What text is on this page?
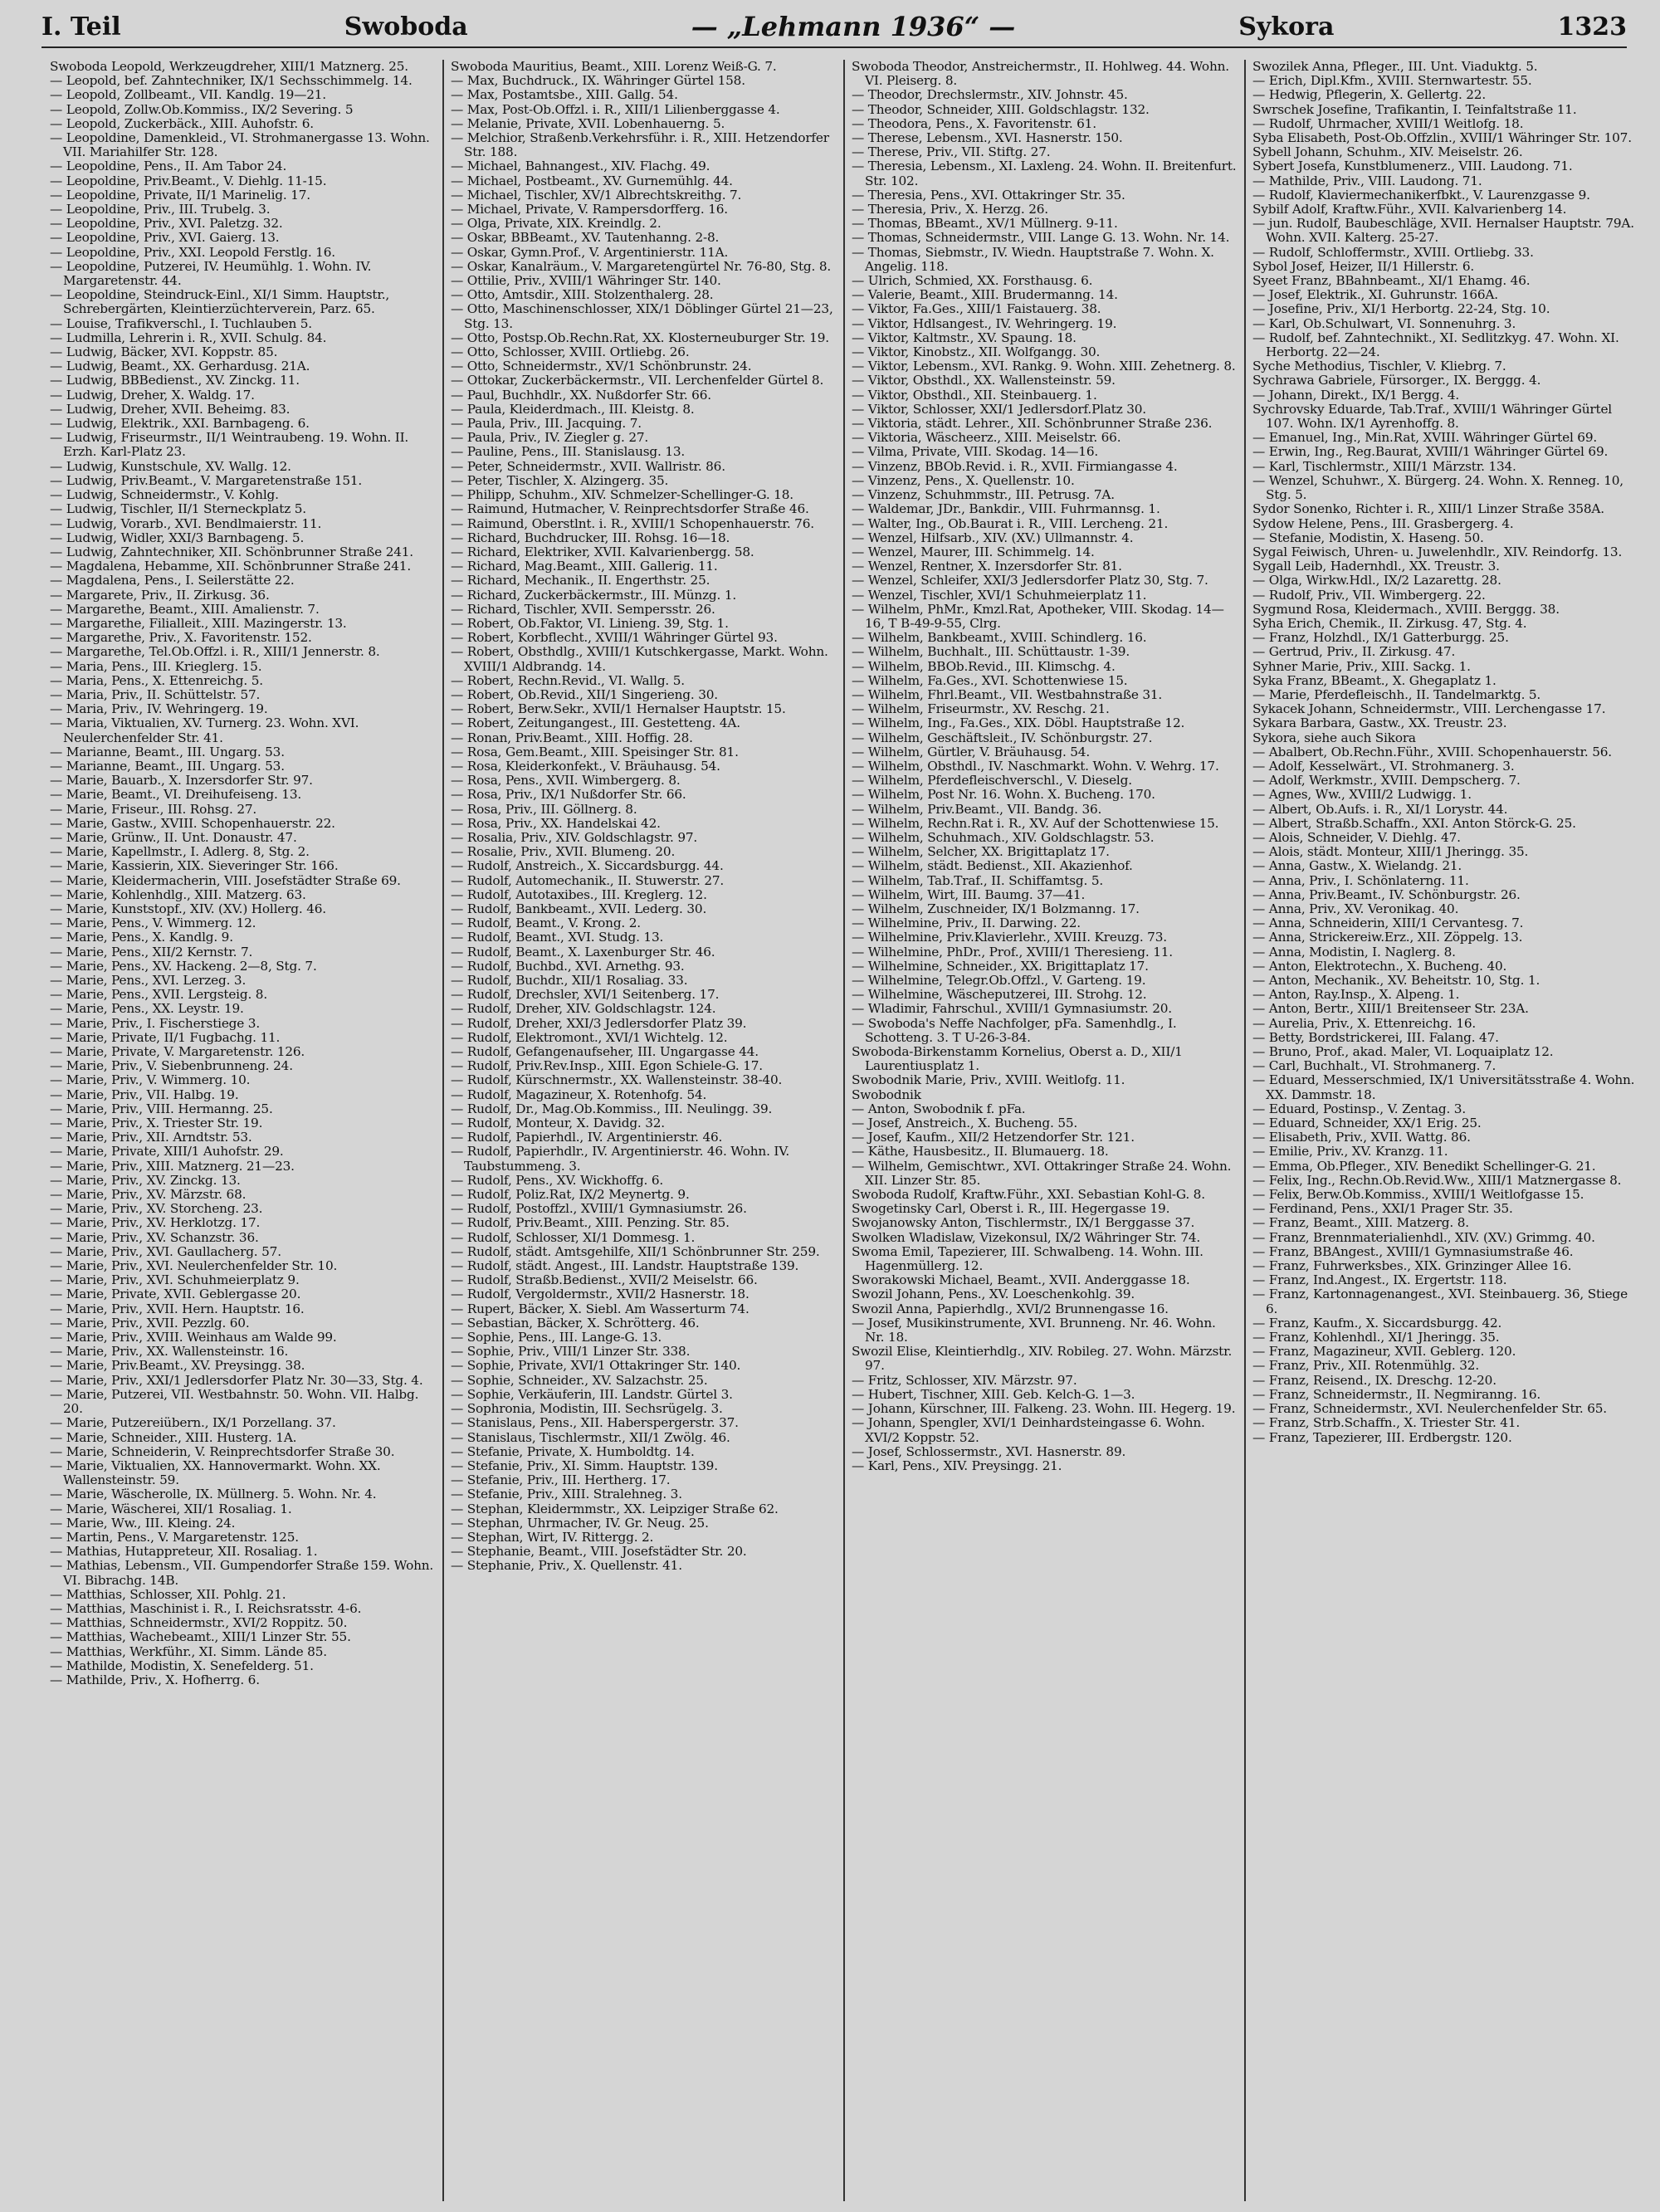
I. Teil	Swoboda	— „Lehmann 1936“ —	Sykora	1323

Swoboda Leopold, Werkzeugdreher, XIII/1 Matznerg. 25.

— Leopold, bef. Zahntechniker, IX/1 Sechsschimmelg. 14.

— Leopold, Zollbeamt., VII. Kandlg. 19—21.

— Leopold, Zollw.Ob.Kommiss., IX/2 Severing. 5

— Leopold, Zuckerbäck., XIII. Auhofstr. 6.

— Leopoldine, Damenkleid., VI. Strohmanergasse 13. Wohn. VII. Mariahilfer Str. 128.

— Leopoldine, Pens., II. Am Tabor 24.

— Leopoldine, Priv.Beamt., V. Diehlg. 11-15.

— Leopoldine, Private, II/1 Marinelig. 17.

— Leopoldine, Priv., III. Trubelg. 3.

— Leopoldine, Priv., XVI. Paletzg. 32.

— Leopoldine, Priv., XVI. Gaierg. 13.

— Leopoldine, Priv., XXI. Leopold Ferstlg. 16.

— Leopoldine, Putzerei, IV. Heumühlg. 1. Wohn. IV. Margaretenstr. 44.

— Leopoldine, Steindruck-Einl., XI/1 Simm. Hauptstr., Schrebergärten, Kleintierzüchterverein, Parz. 65.

— Louise, Trafikverschl., I. Tuchlauben 5.

— Ludmilla, Lehrerin i. R., XVII. Schulg. 84.

— Ludwig, Bäcker, XVI. Koppstr. 85.

— Ludwig, Beamt., XX. Gerhardusg. 21A.

— Ludwig, BBBedienst., XV. Zinckg. 11.

— Ludwig, Dreher, X. Waldg. 17.

— Ludwig, Dreher, XVII. Beheimg. 83.

— Ludwig, Elektrik., XXI. Barnbageng. 6.

— Ludwig, Friseurmstr., II/1 Weintraubeng. 19. Wohn. II. Erzh. Karl-Platz 23.

— Ludwig, Kunstschule, XV. Wallg. 12.

— Ludwig, Priv.Beamt., V. Margaretenstraße 151.

— Ludwig, Schneidermstr., V. Kohlg.

— Ludwig, Tischler, II/1 Sterneckplatz 5.

— Ludwig, Vorarb., XVI. Bendlmaierstr. 11.

— Ludwig, Widler, XXI/3 Barnbageng. 5.

— Ludwig, Zahntechniker, XII. Schönbrunner Straße 241.

— Magdalena, Hebamme, XII. Schönbrunner Straße 241.

— Magdalena, Pens., I. Seilerstätte 22.

— Margarete, Priv., II. Zirkusg. 36.

— Margarethe, Beamt., XIII. Amalienstr. 7.

— Margarethe, Filialleit., XIII. Mazingerstr. 13.

— Margarethe, Priv., X. Favoritenstr. 152.

— Margarethe, Tel.Ob.Offzl. i. R., XIII/1 Jennerstr. 8.

— Maria, Pens., III. Krieglerg. 15.

— Maria, Pens., X. Ettenreichg. 5.

— Maria, Priv., II. Schüttelstr. 57.

— Maria, Priv., IV. Wehringerg. 19.

— Maria, Viktualien, XV. Turnerg. 23. Wohn. XVI. Neulerchenfelder Str. 41.

— Marianne, Beamt., III. Ungarg. 53.

— Marianne, Beamt., III. Ungarg. 53.

— Marie, Bauarb., X. Inzersdorfer Str. 97.

— Marie, Beamt., VI. Dreihufeiseng. 13.

— Marie, Friseur., III. Rohsg. 27.

— Marie, Gastw., XVIII. Schopenhauerstr. 22.

— Marie, Grünw., II. Unt. Donaustr. 47.

— Marie, Kapellmstr., I. Adlerg. 8, Stg. 2.

— Marie, Kassierin, XIX. Sieveringer Str. 166.

— Marie, Kleidermacherin, VIII. Josefstädter Straße 69.

— Marie, Kohlenhdlg., XIII. Matzerg. 63.

— Marie, Kunststopf., XIV. (XV.) Hollerg. 46.

— Marie, Pens., V. Wimmerg. 12.

— Marie, Pens., X. Kandlg. 9.

— Marie, Pens., XII/2 Kernstr. 7.

— Marie, Pens., XV. Hackeng. 2—8, Stg. 7.

— Marie, Pens., XVI. Lerzeg. 3.

— Marie, Pens., XVII. Lergsteig. 8.

— Marie, Pens., XX. Leystr. 19.

— Marie, Priv., I. Fischerstiege 3.

— Marie, Private, II/1 Fugbachg. 11.

— Marie, Private, V. Margaretenstr. 126.

— Marie, Priv., V. Siebenbrunneng. 24.

— Marie, Priv., V. Wimmerg. 10.

— Marie, Priv., VII. Halbg. 19.

— Marie, Priv., VIII. Hermanng. 25.

— Marie, Priv., X. Triester Str. 19.

— Marie, Priv., XII. Arndtstr. 53.

— Marie, Private, XIII/1 Auhofstr. 29.

— Marie, Priv., XIII. Matznerg. 21—23.

— Marie, Priv., XV. Zinckg. 13.

— Marie, Priv., XV. Märzstr. 68.

— Marie, Priv., XV. Storcheng. 23.

— Marie, Priv., XV. Herklotzg. 17.

— Marie, Priv., XV. Schanzstr. 36.

— Marie, Priv., XVI. Gaullacherg. 57.

— Marie, Priv., XVI. Neulerchenfelder Str. 10.

— Marie, Priv., XVI. Schuhmeierplatz 9.

— Marie, Private, XVII. Geblergasse 20.

— Marie, Priv., XVII. Hern. Hauptstr. 16.

— Marie, Priv., XVII. Pezzlg. 60.

— Marie, Priv., XVIII. Weinhaus am Walde 99.

— Marie, Priv., XX. Wallensteinstr. 16.

— Marie, Priv.Beamt., XV. Preysingg. 38.

— Marie, Priv., XXI/1 Jedlersdorfer Platz Nr. 30—33, Stg. 4.

— Marie, Putzerei, VII. Westbahnstr. 50. Wohn. VII. Halbg. 20.

— Marie, Putzereiübern., IX/1 Porzellang. 37.

— Marie, Schneider., XIII. Husterg. 1A.

— Marie, Schneiderin, V. Reinprechtsdorfer Straße 30.

— Marie, Viktualien, XX. Hannovermarkt. Wohn. XX. Wallensteinstr. 59.

— Marie, Wäscherolle, IX. Müllnerg. 5. Wohn. Nr. 4.

— Marie, Wäscherei, XII/1 Rosaliag. 1.

— Marie, Ww., III. Kleing. 24.

— Martin, Pens., V. Margaretenstr. 125.

— Mathias, Hutappreteur, XII. Rosaliag. 1.

— Mathias, Lebensm., VII. Gumpendorfer Straße 159. Wohn. VI. Bibrachg. 14B.

— Matthias, Schlosser, XII. Pohlg. 21.

— Matthias, Maschinist i. R., I. Reichsratsstr. 4-6.

— Matthias, Schneidermstr., XVI/2 Roppitz. 50.

— Matthias, Wachebeamt., XIII/1 Linzer Str. 55.

— Matthias, Werkführ., XI. Simm. Lände 85.

— Mathilde, Modistin, X. Senefelderg. 51.

— Mathilde, Priv., X. Hofherrg. 6.

Swoboda Mauritius, Beamt., XIII. Lorenz Weiß-G. 7.

— Max, Buchdruck., IX. Währinger Gürtel 158.

— Max, Postamtsbe., XIII. Gallg. 54.

— Max, Post-Ob.Offzl. i. R., XIII/1 Lilienberggasse 4.

— Melanie, Private, XVII. Lobenhauerng. 5.

— Melchior, Straßenb.Verkehrsführ. i. R., XIII. Hetzendorfer Str. 188.

— Michael, Bahnangest., XIV. Flachg. 49.

— Michael, Postbeamt., XV. Gurnemühlg. 44.

— Michael, Tischler, XV/1 Albrechtskreithg. 7.

— Michael, Private, V. Rampersdorfferg. 16.

— Olga, Private, XIX. Kreindlg. 2.

— Oskar, BBBeamt., XV. Tautenhanng. 2-8.

— Oskar, Gymn.Prof., V. Argentinierstr. 11A.

— Oskar, Kanalräum., V. Margaretengürtel Nr. 76-80, Stg. 8.

— Ottilie, Priv., XVIII/1 Währinger Str. 140.

— Otto, Amtsdir., XIII. Stolzenthalerg. 28.

— Otto, Maschinenschlosser, XIX/1 Döblinger Gürtel 21—23, Stg. 13.

— Otto, Postsp.Ob.Rechn.Rat, XX. Klosterneuburger Str. 19.

— Otto, Schlosser, XVIII. Ortliebg. 26.

— Otto, Schneidermstr., XV/1 Schönbrunstr. 24.

— Ottokar, Zuckerbäckermstr., VII. Lerchenfelder Gürtel 8.

— Paul, Buchhdlr., XX. Nußdorfer Str. 66.

— Paula, Kleiderdmach., III. Kleistg. 8.

— Paula, Priv., III. Jacquing. 7.

— Paula, Priv., IV. Ziegler g. 27.

— Pauline, Pens., III. Stanislausg. 13.

— Peter, Schneidermstr., XVII. Wallristr. 86.

— Peter, Tischler, X. Alzingerg. 35.

— Philipp, Schuhm., XIV. Schmelzer-Schellinger-G. 18.

— Raimund, Hutmacher, V. Reinprechtsdorfer Straße 46.

— Raimund, Oberstlnt. i. R., XVIII/1 Schopenhauerstr. 76.

— Richard, Buchdrucker, III. Rohsg. 16—18.

— Richard, Elektriker, XVII. Kalvarienbergg. 58.

— Richard, Mag.Beamt., XIII. Gallerig. 11.

— Richard, Mechanik., II. Engerthstr. 25.

— Richard, Zuckerbäckermstr., III. Münzg. 1.

— Richard, Tischler, XVII. Sempersstr. 26.

— Robert, Ob.Faktor, VI. Linieng. 39, Stg. 1.

— Robert, Korbflecht., XVIII/1 Währinger Gürtel 93.

— Robert, Obsthdlg., XVIII/1 Kutschkergasse, Markt. Wohn. XVIII/1 Aldbrandg. 14.

— Robert, Rechn.Revid., VI. Wallg. 5.

— Robert, Ob.Revid., XII/1 Singerieng. 30.

— Robert, Berw.Sekr., XVII/1 Hernalser Hauptstr. 15.

— Robert, Zeitungangest., III. Gestetteng. 4A.

— Ronan, Priv.Beamt., XIII. Hoffig. 28.

— Rosa, Gem.Beamt., XIII. Speisinger Str. 81.

— Rosa, Kleiderkonfekt., V. Bräuhausg. 54.

— Rosa, Pens., XVII. Wimbergerg. 8.

— Rosa, Priv., IX/1 Nußdorfer Str. 66.

— Rosa, Priv., III. Göllnerg. 8.

— Rosa, Priv., XX. Handelskai 42.

— Rosalia, Priv., XIV. Goldschlagstr. 97.

— Rosalie, Priv., XVII. Blumeng. 20.

— Rudolf, Anstreich., X. Siccardsburgg. 44.

— Rudolf, Automechanik., II. Stuwerstr. 27.

— Rudolf, Autotaxibes., III. Kreglerg. 12.

— Rudolf, Bankbeamt., XVII. Lederg. 30.

— Rudolf, Beamt., V. Krong. 2.

— Rudolf, Beamt., XVI. Studg. 13.

— Rudolf, Beamt., X. Laxenburger Str. 46.

— Rudolf, Buchbd., XVI. Arnethg. 93.

— Rudolf, Buchdr., XII/1 Rosaliag. 33.

— Rudolf, Drechsler, XVI/1 Seitenberg. 17.

— Rudolf, Dreher, XIV. Goldschlagstr. 124.

— Rudolf, Dreher, XXI/3 Jedlersdorfer Platz 39.

— Rudolf, Elektromont., XVI/1 Wichtelg. 12.

— Rudolf, Gefangenaufseher, III. Ungargasse 44.

— Rudolf, Priv.Rev.Insp., XIII. Egon Schiele-G. 17.

— Rudolf, Kürschnermstr., XX. Wallensteinstr. 38-40.

— Rudolf, Magazineur, X. Rotenhofg. 54.

— Rudolf, Dr., Mag.Ob.Kommiss., III. Neulingg. 39.

— Rudolf, Monteur, X. Davidg. 32.

— Rudolf, Papierhdl., IV. Argentinierstr. 46.

— Rudolf, Papierhdlr., IV. Argentinierstr. 46. Wohn. IV. Taubstummeng. 3.

— Rudolf, Pens., XV. Wickhoffg. 6.

— Rudolf, Poliz.Rat, IX/2 Meynertg. 9.

— Rudolf, Postoffzl., XVIII/1 Gymnasiumstr. 26.

— Rudolf, Priv.Beamt., XIII. Penzing. Str. 85.

— Rudolf, Schlosser, XI/1 Dommesg. 1.

— Rudolf, städt. Amtsgehilfe, XII/1 Schönbrunner Str. 259.

— Rudolf, städt. Angest., III. Landstr. Hauptstraße 139.

— Rudolf, Straßb.Bedienst., XVII/2 Meiselstr. 66.

— Rudolf, Vergoldermstr., XVII/2 Hasnerstr. 18.

— Rupert, Bäcker, X. Siebl. Am Wasserturm 74.

— Sebastian, Bäcker, X. Schrötterg. 46.

— Sophie, Pens., III. Lange-G. 13.

— Sophie, Priv., VIII/1 Linzer Str. 338.

— Sophie, Private, XVI/1 Ottakringer Str. 140.

— Sophie, Schneider., XV. Salzachstr. 25.

— Sophie, Verkäuferin, III. Landstr. Gürtel 3.

— Sophronia, Modistin, III. Sechsrügelg. 3.

— Stanislaus, Pens., XII. Haberspergerstr. 37.

— Stanislaus, Tischlermstr., XII/1 Zwölg. 46.

— Stefanie, Private, X. Humboldtg. 14.

— Stefanie, Priv., XI. Simm. Hauptstr. 139.

— Stefanie, Priv., III. Hertherg. 17.

— Stefanie, Priv., XIII. Stralehneg. 3.

— Stephan, Kleidermmstr., XX. Leipziger Straße 62.

— Stephan, Uhrmacher, IV. Gr. Neug. 25.

— Stephan, Wirt, IV. Rittergg. 2.

— Stephanie, Beamt., VIII. Josefstädter Str. 20.

— Stephanie, Priv., X. Quellenstr. 41.

Swoboda Theodor, Anstreichermstr., II. Hohlweg. 44. Wohn. VI. Pleiserg. 8.

— Theodor, Drechslermstr., XIV. Johnstr. 45.

— Theodor, Schneider, XIII. Goldschlagstr. 132.

— Theodora, Pens., X. Favoritenstr. 61.

— Therese, Lebensm., XVI. Hasnerstr. 150.

— Therese, Priv., VII. Stiftg. 27.

— Theresia, Lebensm., XI. Laxleng. 24. Wohn. II. Breitenfurt. Str. 102.

— Theresia, Pens., XVI. Ottakringer Str. 35.

— Theresia, Priv., X. Herzg. 26.

— Thomas, BBeamt., XV/1 Müllnerg. 9-11.

— Thomas, Schneidermstr., VIII. Lange G. 13. Wohn. Nr. 14.

— Thomas, Siebmstr., IV. Wiedn. Hauptstraße 7. Wohn. X. Angelig. 118.

— Ulrich, Schmied, XX. Forsthausg. 6.

— Valerie, Beamt., XIII. Brudermanng. 14.

— Viktor, Fa.Ges., XIII/1 Faistauerg. 38.

— Viktor, Hdlsangest., IV. Wehringerg. 19.

— Viktor, Kaltmstr., XV. Spaung. 18.

— Viktor, Kinobstz., XII. Wolfgangg. 30.

— Viktor, Lebensm., XVI. Rankg. 9. Wohn. XIII. Zehetnerg. 8.

— Viktor, Obsthdl., XX. Wallensteinstr. 59.

— Viktor, Obsthdl., XII. Steinbauerg. 1.

— Viktor, Schlosser, XXI/1 Jedlersdorf.Platz 30.

— Viktoria, städt. Lehrer., XII. Schönbrunner Straße 236.

— Viktoria, Wäscheerz., XIII. Meiselstr. 66.

— Vilma, Private, VIII. Skodag. 14—16.

— Vinzenz, BBOb.Revid. i. R., XVII. Firmiangasse 4.

— Vinzenz, Pens., X. Quellenstr. 10.

— Vinzenz, Schuhmmstr., III. Petrusg. 7A.

— Waldemar, JDr., Bankdir., VIII. Fuhrmannsg. 1.

— Walter, Ing., Ob.Baurat i. R., VIII. Lercheng. 21.

— Wenzel, Hilfsarb., XIV. (XV.) Ullmannstr. 4.

— Wenzel, Maurer, III. Schimmelg. 14.

— Wenzel, Rentner, X. Inzersdorfer Str. 81.

— Wenzel, Schleifer, XXI/3 Jedlersdorfer Platz 30, Stg. 7.

— Wenzel, Tischler, XVI/1 Schuhmeierplatz 11.

— Wilhelm, PhMr., Kmzl.Rat, Apotheker, VIII. Skodag. 14—16, T B-49-9-55, Clrg.

— Wilhelm, Bankbeamt., XVIII. Schindlerg. 16.

— Wilhelm, Buchhalt., III. Schüttaustr. 1-39.

— Wilhelm, BBOb.Revid., III. Klimschg. 4.

— Wilhelm, Fa.Ges., XVI. Schottenwiese 15.

— Wilhelm, Fhrl.Beamt., VII. Westbahnstraße 31.

— Wilhelm, Friseurmstr., XV. Reschg. 21.

— Wilhelm, Ing., Fa.Ges., XIX. Döbl. Hauptstraße 12.

— Wilhelm, Geschäftsleit., IV. Schönburgstr. 27.

— Wilhelm, Gürtler, V. Bräuhausg. 54.

— Wilhelm, Obsthdl., IV. Naschmarkt. Wohn. V. Wehrg. 17.

— Wilhelm, Pferdefleischverschl., V. Dieselg.

— Wilhelm, Post Nr. 16. Wohn. X. Bucheng. 170.

— Wilhelm, Priv.Beamt., VII. Bandg. 36.

— Wilhelm, Rechn.Rat i. R., XV. Auf der Schottenwiese 15.

— Wilhelm, Schuhmach., XIV. Goldschlagstr. 53.

— Wilhelm, Selcher, XX. Brigittaplatz 17.

— Wilhelm, städt. Bedienst., XII. Akazienhof.

— Wilhelm, Tab.Traf., II. Schiffamtsg. 5.

— Wilhelm, Wirt, III. Baumg. 37—41.

— Wilhelm, Zuschneider, IX/1 Bolzmanng. 17.

— Wilhelmine, Priv., II. Darwing. 22.

— Wilhelmine, Priv.Klavierlehr., XVIII. Kreuzg. 73.

— Wilhelmine, PhDr., Prof., XVIII/1 Theresieng. 11.

— Wilhelmine, Schneider., XX. Brigittaplatz 17.

— Wilhelmine, Telegr.Ob.Offzl., V. Garteng. 19.

— Wilhelmine, Wäscheputzerei, III. Strohg. 12.

— Wladimir, Fahrschul., XVIII/1 Gymnasiumstr. 20.

— Swoboda's Neffe Nachfolger, pFa. Samenhdlg., I. Schotteng. 3. T U-26-3-84.

Swoboda-Birkenstamm Kornelius, Oberst a. D., XII/1 Laurentiusplatz 1.

Swobodnik Marie, Priv., XVIII. Weitlofg. 11.

Swobodnik

— Anton, Swobodnik f. pFa.

— Josef, Anstreich., X. Bucheng. 55.

— Josef, Kaufm., XII/2 Hetzendorfer Str. 121.

— Käthe, Hausbesitz., II. Blumauerg. 18.

— Wilhelm, Gemischtwr., XVI. Ottakringer Straße 24. Wohn. XII. Linzer Str. 85.

Swoboda Rudolf, Kraftw.Führ., XXI. Sebastian Kohl-G. 8.

Swogetinsky Carl, Oberst i. R., III. Hegergasse 19.

Swojanowsky Anton, Tischlermstr., IX/1 Berggasse 37.

Swolken Wladislaw, Vizekonsul, IX/2 Währinger Str. 74.

Swoma Emil, Tapezierer, III. Schwalbeng. 14. Wohn. III. Hagenmüllerg. 12.

Sworakowski Michael, Beamt., XVII. Anderggasse 18.

Swozil Johann, Pens., XV. Loeschenkohlg. 39.

Swozil Anna, Papierhdlg., XVI/2 Brunnengasse 16.

— Josef, Musikinstrumente, XVI. Brunneng. Nr. 46. Wohn. Nr. 18.

Swozil Elise, Kleintierhdlg., XIV. Robileg. 27. Wohn. Märzstr. 97.

— Fritz, Schlosser, XIV. Märzstr. 97.

— Hubert, Tischner, XIII. Geb. Kelch-G. 1—3.

— Johann, Kürschner, III. Falkeng. 23. Wohn. III. Hegerg. 19.

— Johann, Spengler, XVI/1 Deinhardsteingasse 6. Wohn. XVI/2 Koppstr. 52.

— Josef, Schlossermstr., XVI. Hasnerstr. 89.

— Karl, Pens., XIV. Preysingg. 21.

Swozilek Anna, Pfleger., III. Unt. Viaduktg. 5.

— Erich, Dipl.Kfm., XVIII. Sternwartestr. 55.

— Hedwig, Pflegerin, X. Gellertg. 22.

Swrschek Josefine, Trafikantin, I. Teinfaltstraße 11.

— Rudolf, Uhrmacher, XVIII/1 Weitlofg. 18.

Syba Elisabeth, Post-Ob.Offzlin., XVIII/1 Währinger Str. 107.

Sybell Johann, Schuhm., XIV. Meiselstr. 26.

Sybert Josefa, Kunstblumenerz., VIII. Laudong. 71.

— Mathilde, Priv., VIII. Laudong. 71.

— Rudolf, Klaviermechanikerfbkt., V. Laurenzgasse 9.

Sybilf Adolf, Kraftw.Führ., XVII. Kalvarienberg 14.

— jun. Rudolf, Baubeschläge, XVII. Hernalser Hauptstr. 79A. Wohn. XVII. Kalterg. 25-27.

— Rudolf, Schloffermstr., XVIII. Ortliebg. 33.

Sybol Josef, Heizer, II/1 Hillerstr. 6.

Syeet Franz, BBahnbeamt., XI/1 Ehamg. 46.

— Josef, Elektrik., XI. Guhrunstr. 166A.

— Josefine, Priv., XI/1 Herbortg. 22-24, Stg. 10.

— Karl, Ob.Schulwart, VI. Sonnenuhrg. 3.

— Rudolf, bef. Zahntechnikt., XI. Sedlitzkyg. 47. Wohn. XI. Herbortg. 22—24.

Syche Methodius, Tischler, V. Kliebrg. 7.

Sychrawa Gabriele, Fürsorger., IX. Berggg. 4.

— Johann, Direkt., IX/1 Bergg. 4.

Sychrovsky Eduarde, Tab.Traf., XVIII/1 Währinger Gürtel 107. Wohn. IX/1 Ayrenhoffg. 8.

— Emanuel, Ing., Min.Rat, XVIII. Währinger Gürtel 69.

— Erwin, Ing., Reg.Baurat, XVIII/1 Währinger Gürtel 69.

— Karl, Tischlermstr., XIII/1 Märzstr. 134.

— Wenzel, Schuhwr., X. Bürgerg. 24. Wohn. X. Renneg. 10, Stg. 5.

Sydor Sonenko, Richter i. R., XIII/1 Linzer Straße 358A.

Sydow Helene, Pens., III. Grasbergerg. 4.

— Stefanie, Modistin, X. Haseng. 50.

Sygal Feiwisch, Uhren- u. Juwelenhdlr., XIV. Reindorfg. 13.

Sygall Leib, Hadernhdl., XX. Treustr. 3.

— Olga, Wirkw.Hdl., IX/2 Lazarettg. 28.

— Rudolf, Priv., VII. Wimbergerg. 22.

Sygmund Rosa, Kleidermach., XVIII. Berggg. 38.

Syha Erich, Chemik., II. Zirkusg. 47, Stg. 4.

— Franz, Holzhdl., IX/1 Gatterburgg. 25.

— Gertrud, Priv., II. Zirkusg. 47.

Syhner Marie, Priv., XIII. Sackg. 1.

Syka Franz, BBeamt., X. Ghegaplatz 1.

— Marie, Pferdefleischh., II. Tandelmarktg. 5.

Sykacek Johann, Schneidermstr., VIII. Lerchengasse 17.

Sykara Barbara, Gastw., XX. Treustr. 23.

Sykora, siehe auch Sikora

— Abalbert, Ob.Rechn.Führ., XVIII. Schopenhauerstr. 56.

— Adolf, Kesselwärt., VI. Strohmanerg. 3.

— Adolf, Werkmstr., XVIII. Dempscherg. 7.

— Agnes, Ww., XVIII/2 Ludwigg. 1.

— Albert, Ob.Aufs. i. R., XI/1 Lorystr. 44.

— Albert, Straßb.Schaffn., XXI. Anton Störck-G. 25.

— Alois, Schneider, V. Diehlg. 47.

— Alois, städt. Monteur, XIII/1 Jheringg. 35.

— Anna, Gastw., X. Wielandg. 21.

— Anna, Priv., I. Schönlaterng. 11.

— Anna, Priv.Beamt., IV. Schönburgstr. 26.

— Anna, Priv., XV. Veronikag. 40.

— Anna, Schneiderin, XIII/1 Cervantesg. 7.

— Anna, Strickereiw.Erz., XII. Zöppelg. 13.

— Anna, Modistin, I. Naglerg. 8.

— Anton, Elektrotechn., X. Bucheng. 40.

— Anton, Mechanik., XV. Beheitstr. 10, Stg. 1.

— Anton, Ray.Insp., X. Alpeng. 1.

— Anton, Bertr., XIII/1 Breitenseer Str. 23A.

— Aurelia, Priv., X. Ettenreichg. 16.

— Betty, Bordstrickerei, III. Falang. 47.

— Bruno, Prof., akad. Maler, VI. Loquaiplatz 12.

— Carl, Buchhalt., VI. Strohmanerg. 7.

— Eduard, Messerschmied, IX/1 Universitätsstraße 4. Wohn. XX. Dammstr. 18.

— Eduard, Postinsp., V. Zentag. 3.

— Eduard, Schneider, XX/1 Erig. 25.

— Elisabeth, Priv., XVII. Wattg. 86.

— Emilie, Priv., XV. Kranzg. 11.

— Emma, Ob.Pfleger., XIV. Benedikt Schellinger-G. 21.

— Felix, Ing., Rechn.Ob.Revid.Ww., XIII/1 Matznergasse 8.

— Felix, Berw.Ob.Kommiss., XVIII/1 Weitlofgasse 15.

— Ferdinand, Pens., XXI/1 Prager Str. 35.

— Franz, Beamt., XIII. Matzerg. 8.

— Franz, Brennmaterialienhdl., XIV. (XV.) Grimmg. 40.

— Franz, BBAngest., XVIII/1 Gymnasiumstraße 46.

— Franz, Fuhrwerksbes., XIX. Grinzinger Allee 16.

— Franz, Ind.Angest., IX. Ergertstr. 118.

— Franz, Kartonnagenangest., XVI. Steinbauerg. 36, Stiege 6.

— Franz, Kaufm., X. Siccardsburgg. 42.

— Franz, Kohlenhdl., XI/1 Jheringg. 35.

— Franz, Magazineur, XVII. Geblerg. 120.

— Franz, Priv., XII. Rotenmühlg. 32.

— Franz, Reisend., IX. Dreschg. 12-20.

— Franz, Schneidermstr., II. Negmiranng. 16.

— Franz, Schneidermstr., XVI. Neulerchenfelder Str. 65.

— Franz, Strb.Schaffn., X. Triester Str. 41.

— Franz, Tapezierer, III. Erdbergstr. 120.
